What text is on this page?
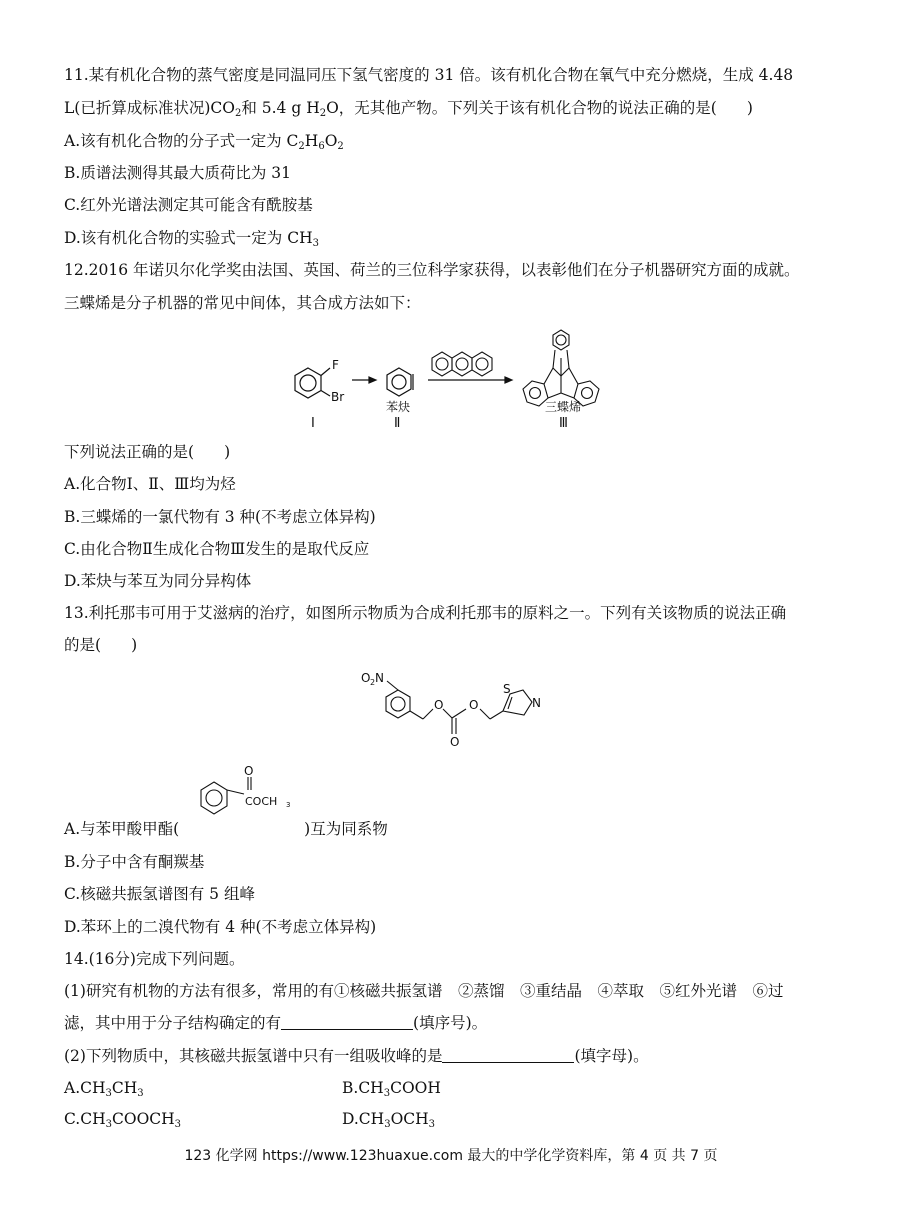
11.某有机化合物的蒸气密度是同温同压下氢气密度的 31 倍。该有机化合物在氧气中充分燃烧，生成 4.48
L(已折算成标准状况)$CO_2$和 5.4 g $H_2O$，无其他产物。下列关于该有机化合物的说法正确的是( )
A.该有机化合物的分子式一定为 $C_2H_6O_2$
B.质谱法测得其最大质荷比为 31
C.红外光谱法测定其可能含有酰胺基
D.该有机化合物的实验式一定为 $CH_3$
12.2016 年诺贝尔化学奖由法国、英国、荷兰的三位科学家获得，以表彰他们在分子机器研究方面的成就。
三蝶烯是分子机器的常见中间体，其合成方法如下：
F
Br
Ⅰ
苯炔
Ⅱ
三蝶烯
Ⅲ
下列说法正确的是( )
A.化合物Ⅰ、Ⅱ、Ⅲ均为烃
B.三蝶烯的一氯代物有 3 种(不考虑立体异构)
C.由化合物Ⅱ生成化合物Ⅲ发生的是取代反应
D.苯炔与苯互为同分异构体
13.利托那韦可用于艾滋病的治疗，如图所示物质为合成利托那韦的原料之一。下列有关该物质的说法正确
的是( )
O 2 N
O O
O
S
N
A.与苯甲酸甲酯(	)互为同系物
O
COCH 3
B.分子中含有酮羰基
C.核磁共振氢谱图有 5 组峰
D.苯环上的二溴代物有 4 种(不考虑立体异构)
14.(16分)完成下列问题。
(1)研究有机物的方法有很多，常用的有①核磁共振氢谱　②蒸馏　③重结晶　④萃取　⑤红外光谱　⑥过
滤，其中用于分子结构确定的有	(填序号)。
(2)下列物质中，其核磁共振氢谱中只有一组吸收峰的是	(填字母)。
$A.CH_3CH_3$	$B.CH_3COOH$
$C.CH_3COOCH_3$	$D.CH_3OCH_3$
123 化学网 https://www.123huaxue.com 最大的中学化学资料库，第 4 页 共 7 页
